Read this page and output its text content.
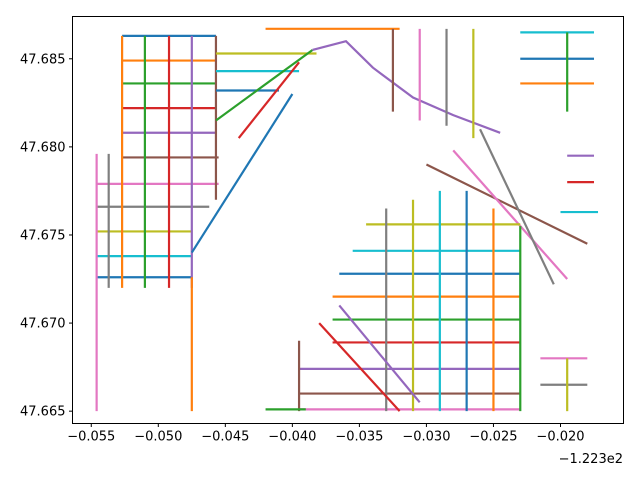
−0.055 −0.050 −0.045 −0.040 −0.035 −0.030 −0.025 −0.020
47.665
47.670
47.675
47.680
47.685
−1.223e2
